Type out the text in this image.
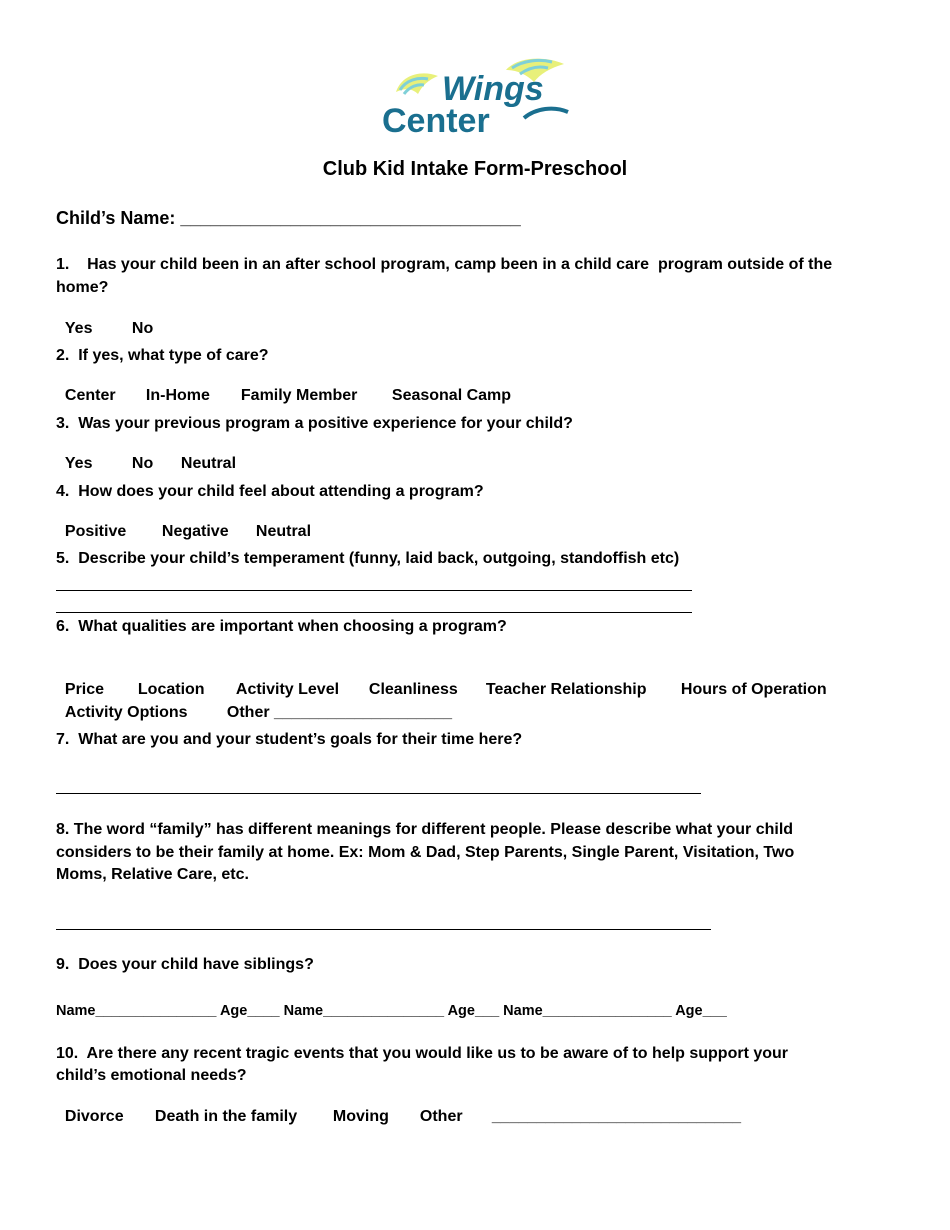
Wings
Center
Club Kid Intake Form-Preschool
Child’s Name: __________________________________
1.    Has your child been in an after school program, camp been in a child care  program outside of the
home?

Yes No

2.  If yes, what type of care?

Center In-Home Family Member Seasonal Camp

3.  Was your previous program a positive experience for your child?

Yes No Neutral

4.  How does your child feel about attending a program?

Positive Negative Neutral

5.  Describe your child’s temperament (funny, laid back, outgoing, standoffish etc)
6.  What qualities are important when choosing a program?

Price Location Activity Level Cleanliness Teacher Relationship Hours of Operation

Activity Options Other ____________________

7.  What are you and your student’s goals for their time here?
8. The word “family” has different meanings for different people. Please describe what your child
considers to be their family at home. Ex: Mom & Dad, Step Parents, Single Parent, Visitation, Two
Moms, Relative Care, etc.
9.  Does your child have siblings?
Name_______________ Age____ Name_______________ Age___ Name________________ Age___
10.  Are there any recent tragic events that you would like us to be aware of to help support your
child’s emotional needs?

Divorce Death in the family Moving Other ____________________________
